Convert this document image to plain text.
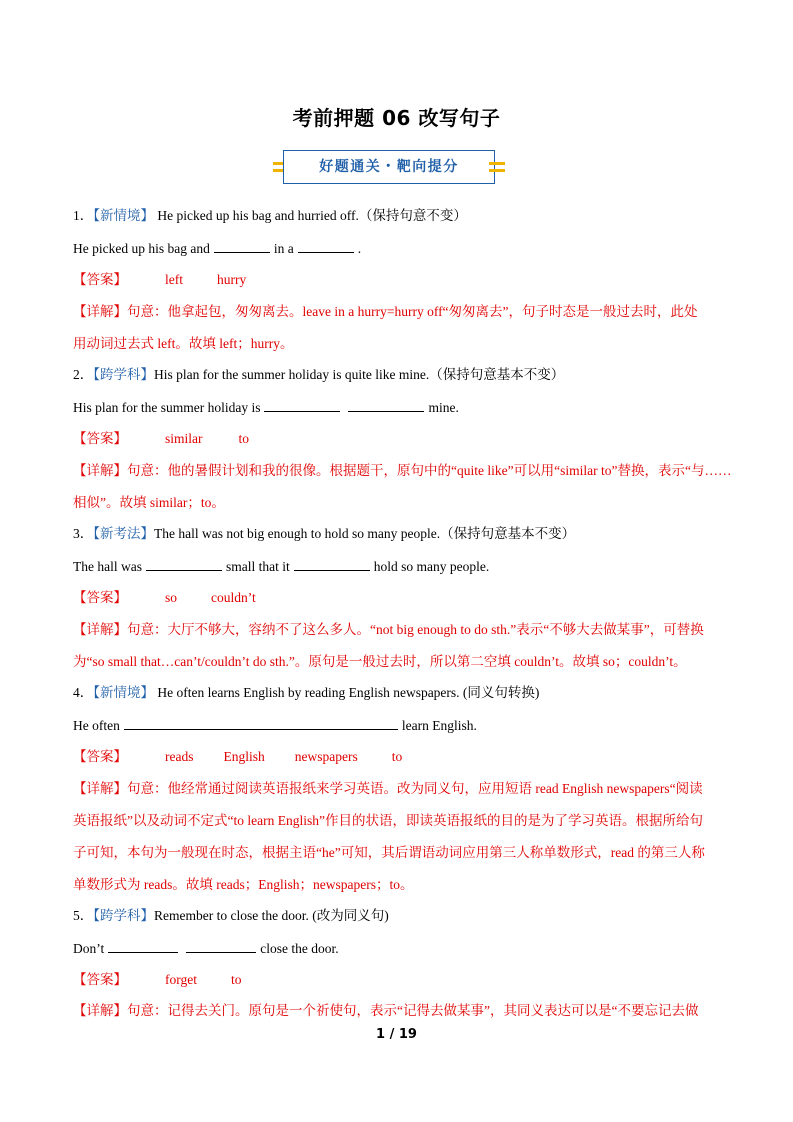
考前押题 06 改写句子
好题通关・靶向提分
1．【新情境】 He picked up his bag and hurried off.（保持句意不变）
He picked up his bag and	in a	.
【答案】	left	hurry
【详解】句意：他拿起包，匆匆离去。leave in a hurry=hurry off“匆匆离去”，句子时态是一般过去时，此处
用动词过去式 left。故填 left；hurry。
2．【跨学科】His plan for the summer holiday is quite like mine.（保持句意基本不变）
His plan for the summer holiday is	mine.
【答案】	similar	to
【详解】句意：他的暑假计划和我的很像。根据题干，原句中的“quite like”可以用“similar to”替换，表示“与……
相似”。故填 similar；to。
3．【新考法】The hall was not big enough to hold so many people.（保持句意基本不变）
The hall was	small that it	hold so many people.
【答案】	so	couldn’t
【详解】句意：大厅不够大，容纳不了这么多人。“not big enough to do sth.”表示“不够大去做某事”，可替换
为“so small that…can’t/couldn’t do sth.”。原句是一般过去时，所以第二空填 couldn’t。故填 so；couldn’t。
4．【新情境】 He often learns English by reading English newspapers. (同义句转换)
He often	learn English.
【答案】	reads English newspapers	to
【详解】句意：他经常通过阅读英语报纸来学习英语。改为同义句，应用短语 read English newspapers“阅读
英语报纸”以及动词不定式“to learn English”作目的状语，即读英语报纸的目的是为了学习英语。根据所给句
子可知，本句为一般现在时态，根据主语“he”可知，其后谓语动词应用第三人称单数形式，read 的第三人称
单数形式为 reads。故填 reads；English；newspapers；to。
5．【跨学科】Remember to close the door. (改为同义句)
Don’t	close the door.
【答案】	forget	to
【详解】句意：记得去关门。原句是一个祈使句，表示“记得去做某事”，其同义表达可以是“不要忘记去做
1 / 19
